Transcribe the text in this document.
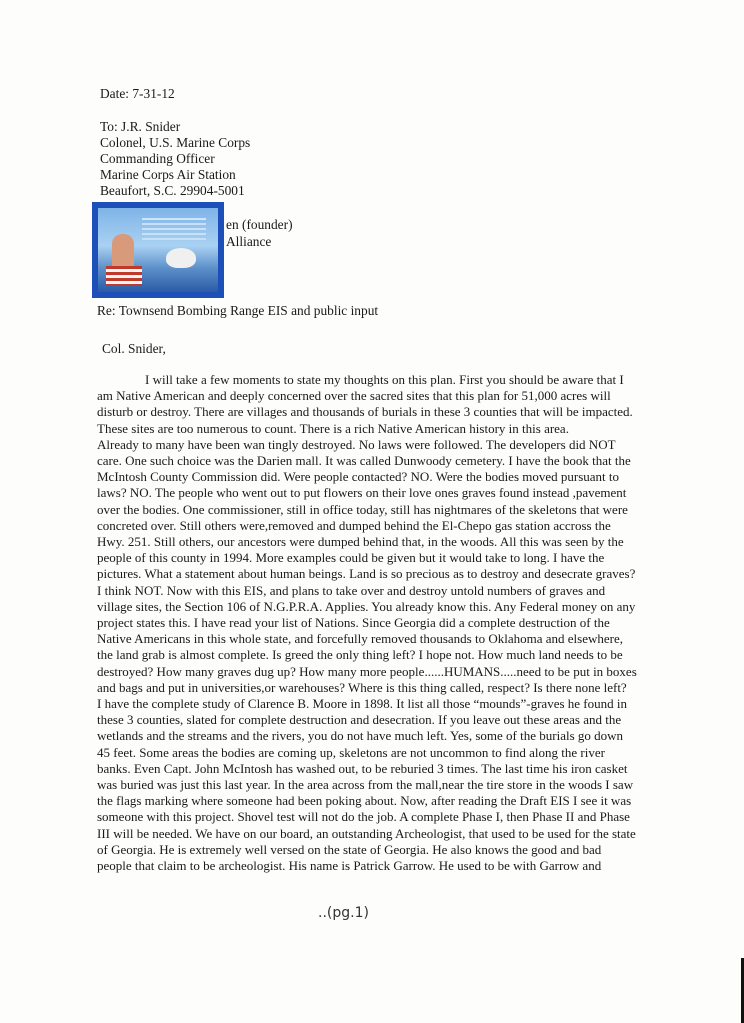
Date: 7-31-12
To: J.R. Snider
Colonel, U.S. Marine Corps
Commanding Officer
Marine Corps Air Station
Beaufort, S.C. 29904-5001
en (founder)
Alliance
Re: Townsend Bombing Range EIS and public input
Col. Snider,
I will take a few moments to state my thoughts on this plan. First you should be aware that I
am Native American and deeply concerned over the sacred sites that this plan for 51,000 acres will
disturb or destroy. There are villages and thousands of burials in these 3 counties that will be impacted.
These sites are too numerous to count. There is a rich Native American history in this area.
Already to many have been wan tingly destroyed. No laws were followed. The developers did NOT
care. One such choice was the Darien mall. It was called Dunwoody cemetery. I have the book that the
McIntosh County Commission did. Were people contacted? NO. Were the bodies moved pursuant to
laws? NO. The people who went out to put flowers on their love ones graves found instead ,pavement
over the bodies. One commissioner, still in office today, still has nightmares of the skeletons that were
concreted over. Still others were,removed and dumped behind the El-Chepo gas station accross the
Hwy. 251. Still others, our ancestors were dumped behind that, in the woods. All this was seen by the
people of this county in 1994. More examples could be given but it would take to long. I have the
pictures. What a statement about human beings. Land is so precious as to destroy and desecrate graves?
I think NOT. Now with this EIS, and plans to take over and destroy untold numbers of graves and
village sites, the Section 106 of N.G.P.R.A. Applies. You already know this. Any Federal money on any
project states this. I have read your list of Nations. Since Georgia did a complete destruction of the
Native Americans in this whole state, and forcefully removed thousands to Oklahoma and elsewhere,
the land grab is almost complete. Is greed the only thing left? I hope not. How much land needs to be
destroyed? How many graves dug up? How many more people......HUMANS.....need to be put in boxes
and bags and put in universities,or warehouses? Where is this thing called, respect? Is there none left?
I have the complete study of Clarence B. Moore in 1898. It list all those “mounds”-graves he found in
these 3 counties, slated for complete destruction and desecration. If you leave out these areas and the
wetlands and the streams and the rivers, you do not have much left. Yes, some of the burials go down
45 feet. Some areas the bodies are coming up, skeletons are not uncommon to find along the river
banks. Even Capt. John McIntosh has washed out, to be reburied 3 times. The last time his iron casket
was buried was just this last year. In the area across from the mall,near the tire store in the woods I saw
the flags marking where someone had been poking about. Now, after reading the Draft EIS I see it was
someone with this project. Shovel test will not do the job. A complete Phase I, then Phase II and Phase
III will be needed. We have on our board, an outstanding Archeologist, that used to be used for the state
of Georgia. He is extremely well versed on the state of Georgia. He also knows the good and bad
people that claim to be archeologist. His name is Patrick Garrow. He used to be with Garrow and
..(pg.1)
